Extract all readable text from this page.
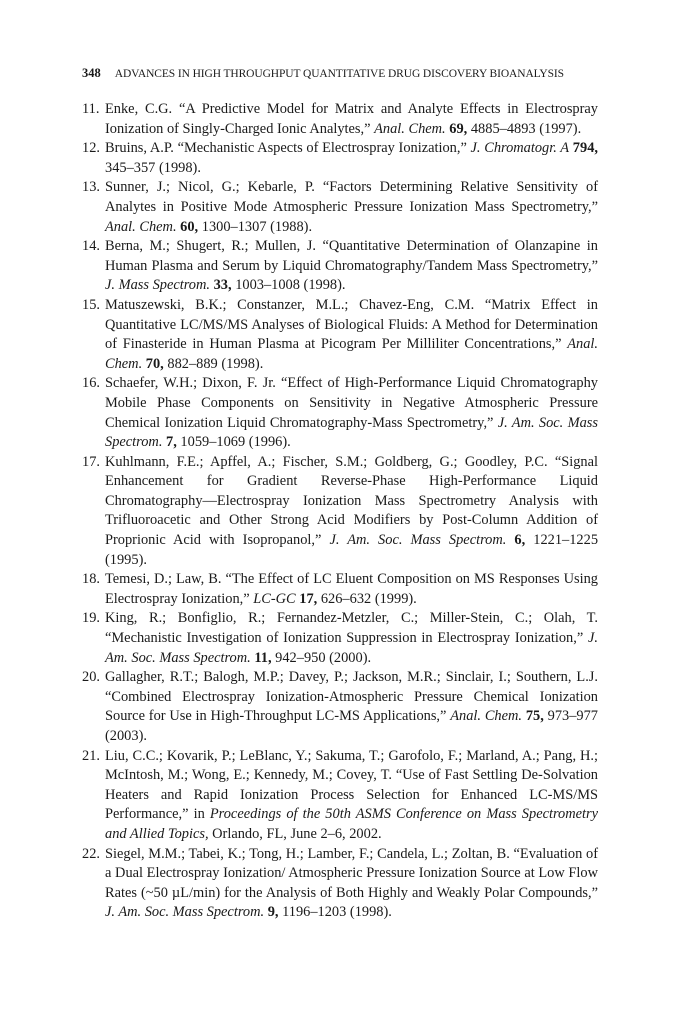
348 ADVANCES IN HIGH THROUGHPUT QUANTITATIVE DRUG DISCOVERY BIOANALYSIS
11. Enke, C.G. “A Predictive Model for Matrix and Analyte Effects in Electrospray Ionization of Singly-Charged Ionic Analytes,” Anal. Chem. 69, 4885–4893 (1997).
12. Bruins, A.P. “Mechanistic Aspects of Electrospray Ionization,” J. Chromatogr. A 794, 345–357 (1998).
13. Sunner, J.; Nicol, G.; Kebarle, P. “Factors Determining Relative Sensitivity of Analytes in Positive Mode Atmospheric Pressure Ionization Mass Spectrometry,” Anal. Chem. 60, 1300–1307 (1988).
14. Berna, M.; Shugert, R.; Mullen, J. “Quantitative Determination of Olanzapine in Human Plasma and Serum by Liquid Chromatography/Tandem Mass Spectrometry,” J. Mass Spectrom. 33, 1003–1008 (1998).
15. Matuszewski, B.K.; Constanzer, M.L.; Chavez-Eng, C.M. “Matrix Effect in Quantitative LC/MS/MS Analyses of Biological Fluids: A Method for Determination of Finasteride in Human Plasma at Picogram Per Milliliter Concentrations,” Anal. Chem. 70, 882–889 (1998).
16. Schaefer, W.H.; Dixon, F. Jr. “Effect of High-Performance Liquid Chromatography Mobile Phase Components on Sensitivity in Negative Atmospheric Pressure Chemical Ionization Liquid Chromatography-Mass Spectrometry,” J. Am. Soc. Mass Spectrom. 7, 1059–1069 (1996).
17. Kuhlmann, F.E.; Apffel, A.; Fischer, S.M.; Goldberg, G.; Goodley, P.C. “Signal Enhancement for Gradient Reverse-Phase High-Performance Liquid Chromatography—Electrospray Ionization Mass Spectrometry Analysis with Trifluoroacetic and Other Strong Acid Modifiers by Post-Column Addition of Proprionic Acid with Isopropanol,” J. Am. Soc. Mass Spectrom. 6, 1221–1225 (1995).
18. Temesi, D.; Law, B. “The Effect of LC Eluent Composition on MS Responses Using Electrospray Ionization,” LC-GC 17, 626–632 (1999).
19. King, R.; Bonfiglio, R.; Fernandez-Metzler, C.; Miller-Stein, C.; Olah, T. “Mechanistic Investigation of Ionization Suppression in Electrospray Ionization,” J. Am. Soc. Mass Spectrom. 11, 942–950 (2000).
20. Gallagher, R.T.; Balogh, M.P.; Davey, P.; Jackson, M.R.; Sinclair, I.; Southern, L.J. “Combined Electrospray Ionization-Atmospheric Pressure Chemical Ionization Source for Use in High-Throughput LC-MS Applications,” Anal. Chem. 75, 973–977 (2003).
21. Liu, C.C.; Kovarik, P.; LeBlanc, Y.; Sakuma, T.; Garofolo, F.; Marland, A.; Pang, H.; McIntosh, M.; Wong, E.; Kennedy, M.; Covey, T. “Use of Fast Settling De-Solvation Heaters and Rapid Ionization Process Selection for Enhanced LC-MS/MS Performance,” in Proceedings of the 50th ASMS Conference on Mass Spectrometry and Allied Topics, Orlando, FL, June 2–6, 2002.
22. Siegel, M.M.; Tabei, K.; Tong, H.; Lamber, F.; Candela, L.; Zoltan, B. “Evaluation of a Dual Electrospray Ionization/ Atmospheric Pressure Ionization Source at Low Flow Rates (~50 µL/min) for the Analysis of Both Highly and Weakly Polar Compounds,” J. Am. Soc. Mass Spectrom. 9, 1196–1203 (1998).
